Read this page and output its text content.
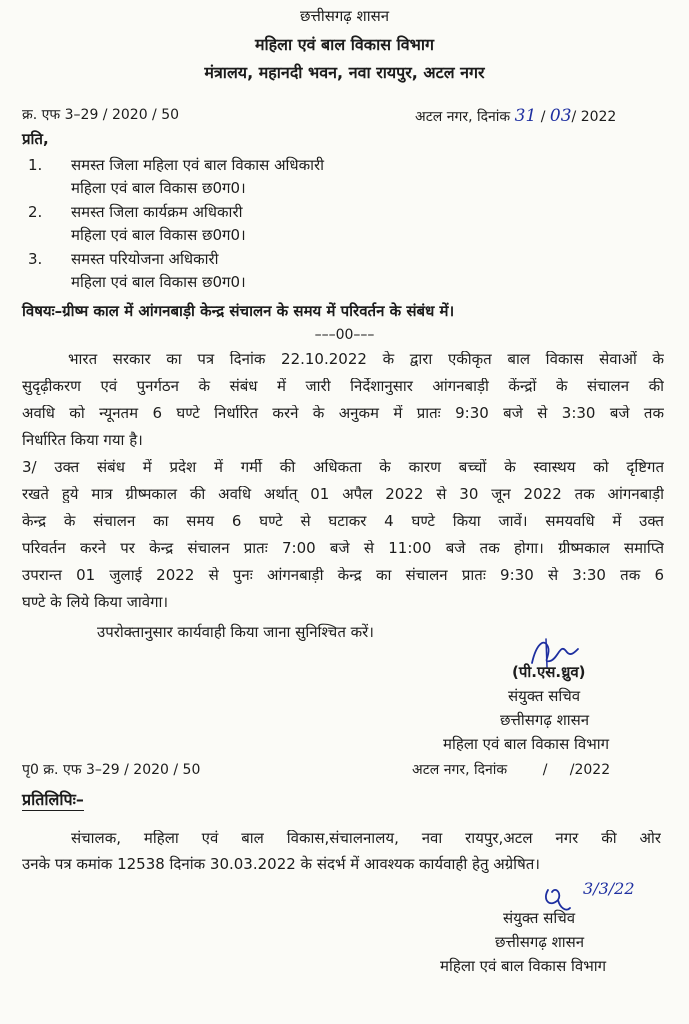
छत्तीसगढ़ शासन
महिला एवं बाल विकास विभाग
मंत्रालय, महानदी भवन, नवा रायपुर, अटल नगर
क्र. एफ 3–29 / 2020 / 50	अटल नगर, दिनांक 31 / 03/ 2022
प्रति,
1. समस्त जिला महिला एवं बाल विकास अधिकारी
महिला एवं बाल विकास छ0ग0।
2. समस्त जिला कार्यक्रम अधिकारी
महिला एवं बाल विकास छ0ग0।
3. समस्त परियोजना अधिकारी
महिला एवं बाल विकास छ0ग0।
विषयः–ग्रीष्म काल में आंगनबाड़ी केन्द्र संचालन के समय में परिवर्तन के संबंध में।
–––00–––
भारत सरकार का पत्र दिनांक 22.10.2022 के द्वारा एकीकृत बाल विकास सेवाओं के
सुदृढ़ीकरण एवं पुनर्गठन के संबंध में जारी निर्देशानुसार आंगनबाड़ी केंन्द्रों के संचालन की
अवधि को न्यूनतम 6 घण्टे निर्धारित करने के अनुकम में प्रातः 9:30 बजे से 3:30 बजे तक
निर्धारित किया गया है।
3/ उक्त संबंध में प्रदेश में गर्मी की अधिकता के कारण बच्चों के स्वास्थय को दृष्टिगत
रखते हुये मात्र ग्रीष्मकाल की अवधि अर्थात् 01 अपैल 2022 से 30 जून 2022 तक आंगनबाड़ी
केन्द्र के संचालन का समय 6 घण्टे से घटाकर 4 घण्टे किया जावें। समयवधि में उक्त
परिवर्तन करने पर केन्द्र संचालन प्रातः 7:00 बजे से 11:00 बजे तक होगा। ग्रीष्मकाल समाप्ति
उपरान्त 01 जुलाई 2022 से पुनः आंगनबाड़ी केन्द्र का संचालन प्रातः 9:30 से 3:30 तक 6
घण्टे के लिये किया जावेगा।
उपरोक्तानुसार कार्यवाही किया जाना सुनिश्चित करें।
(पी.एस.ध्रुव)
संयुक्त सचिव
छत्तीसगढ़ शासन
महिला एवं बाल विकास विभाग
पृ0 क्र. एफ 3–29 / 2020 / 50	अटल नगर, दिनांक        /     /2022
प्रतिलिपिः–
संचालक, महिला एवं बाल विकास,संचालनालय, नवा रायपुर,अटल नगर की ओर
उनके पत्र कमांक 12538 दिनांक 30.03.2022 के संदर्भ में आवश्यक कार्यवाही हेतु अग्रेषित।
3/3/22
संयुक्त सचिव
छत्तीसगढ़ शासन
महिला एवं बाल विकास विभाग
